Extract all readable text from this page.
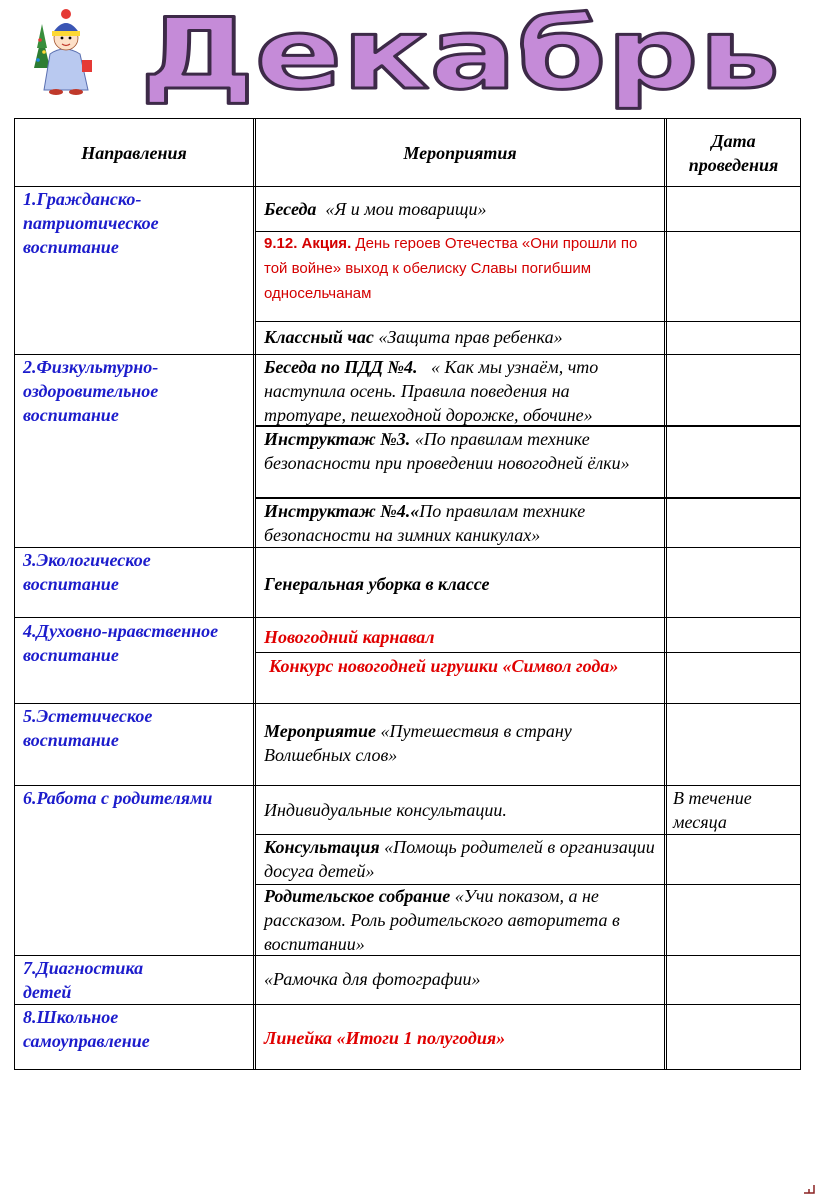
Декабрь
Направления	Мероприятия
Дата проведения
1.Гражданско-патриотическое воспитание
2.Физкультурно-оздоровительное воспитание
3.Экологическое воспитание
4.Духовно-нравственное воспитание
5.Эстетическое воспитание
6.Работа с родителями
7.Диагностика детей
8.Школьное самоуправление
Беседа «Я и мои товарищи»
9.12. Акция. День героев Отечества «Они прошли по той войне» выход к обелиску Славы погибшим односельчанам
Классный час «Защита прав ребенка»
Беседа по ПДД №4. « Как мы узнаём, что наступила осень. Правила поведения на тротуаре, пешеходной дорожке, обочине»
Инструктаж №3. «По правилам технике безопасности при проведении новогодней ёлки»
Инструктаж №4.«По правилам технике безопасности на зимних каникулах»
Генеральная уборка в классе
Новогодний карнавал
Конкурс новогодней игрушки «Символ года»
Мероприятие «Путешествия в страну Волшебных слов»
Индивидуальные консультации.
В течение месяца
Консультация «Помощь родителей в организации досуга детей»
Родительское собрание «Учи показом, а не рассказом. Роль родительского авторитета в воспитании»
«Рамочка для фотографии»
Линейка «Итоги 1 полугодия»
